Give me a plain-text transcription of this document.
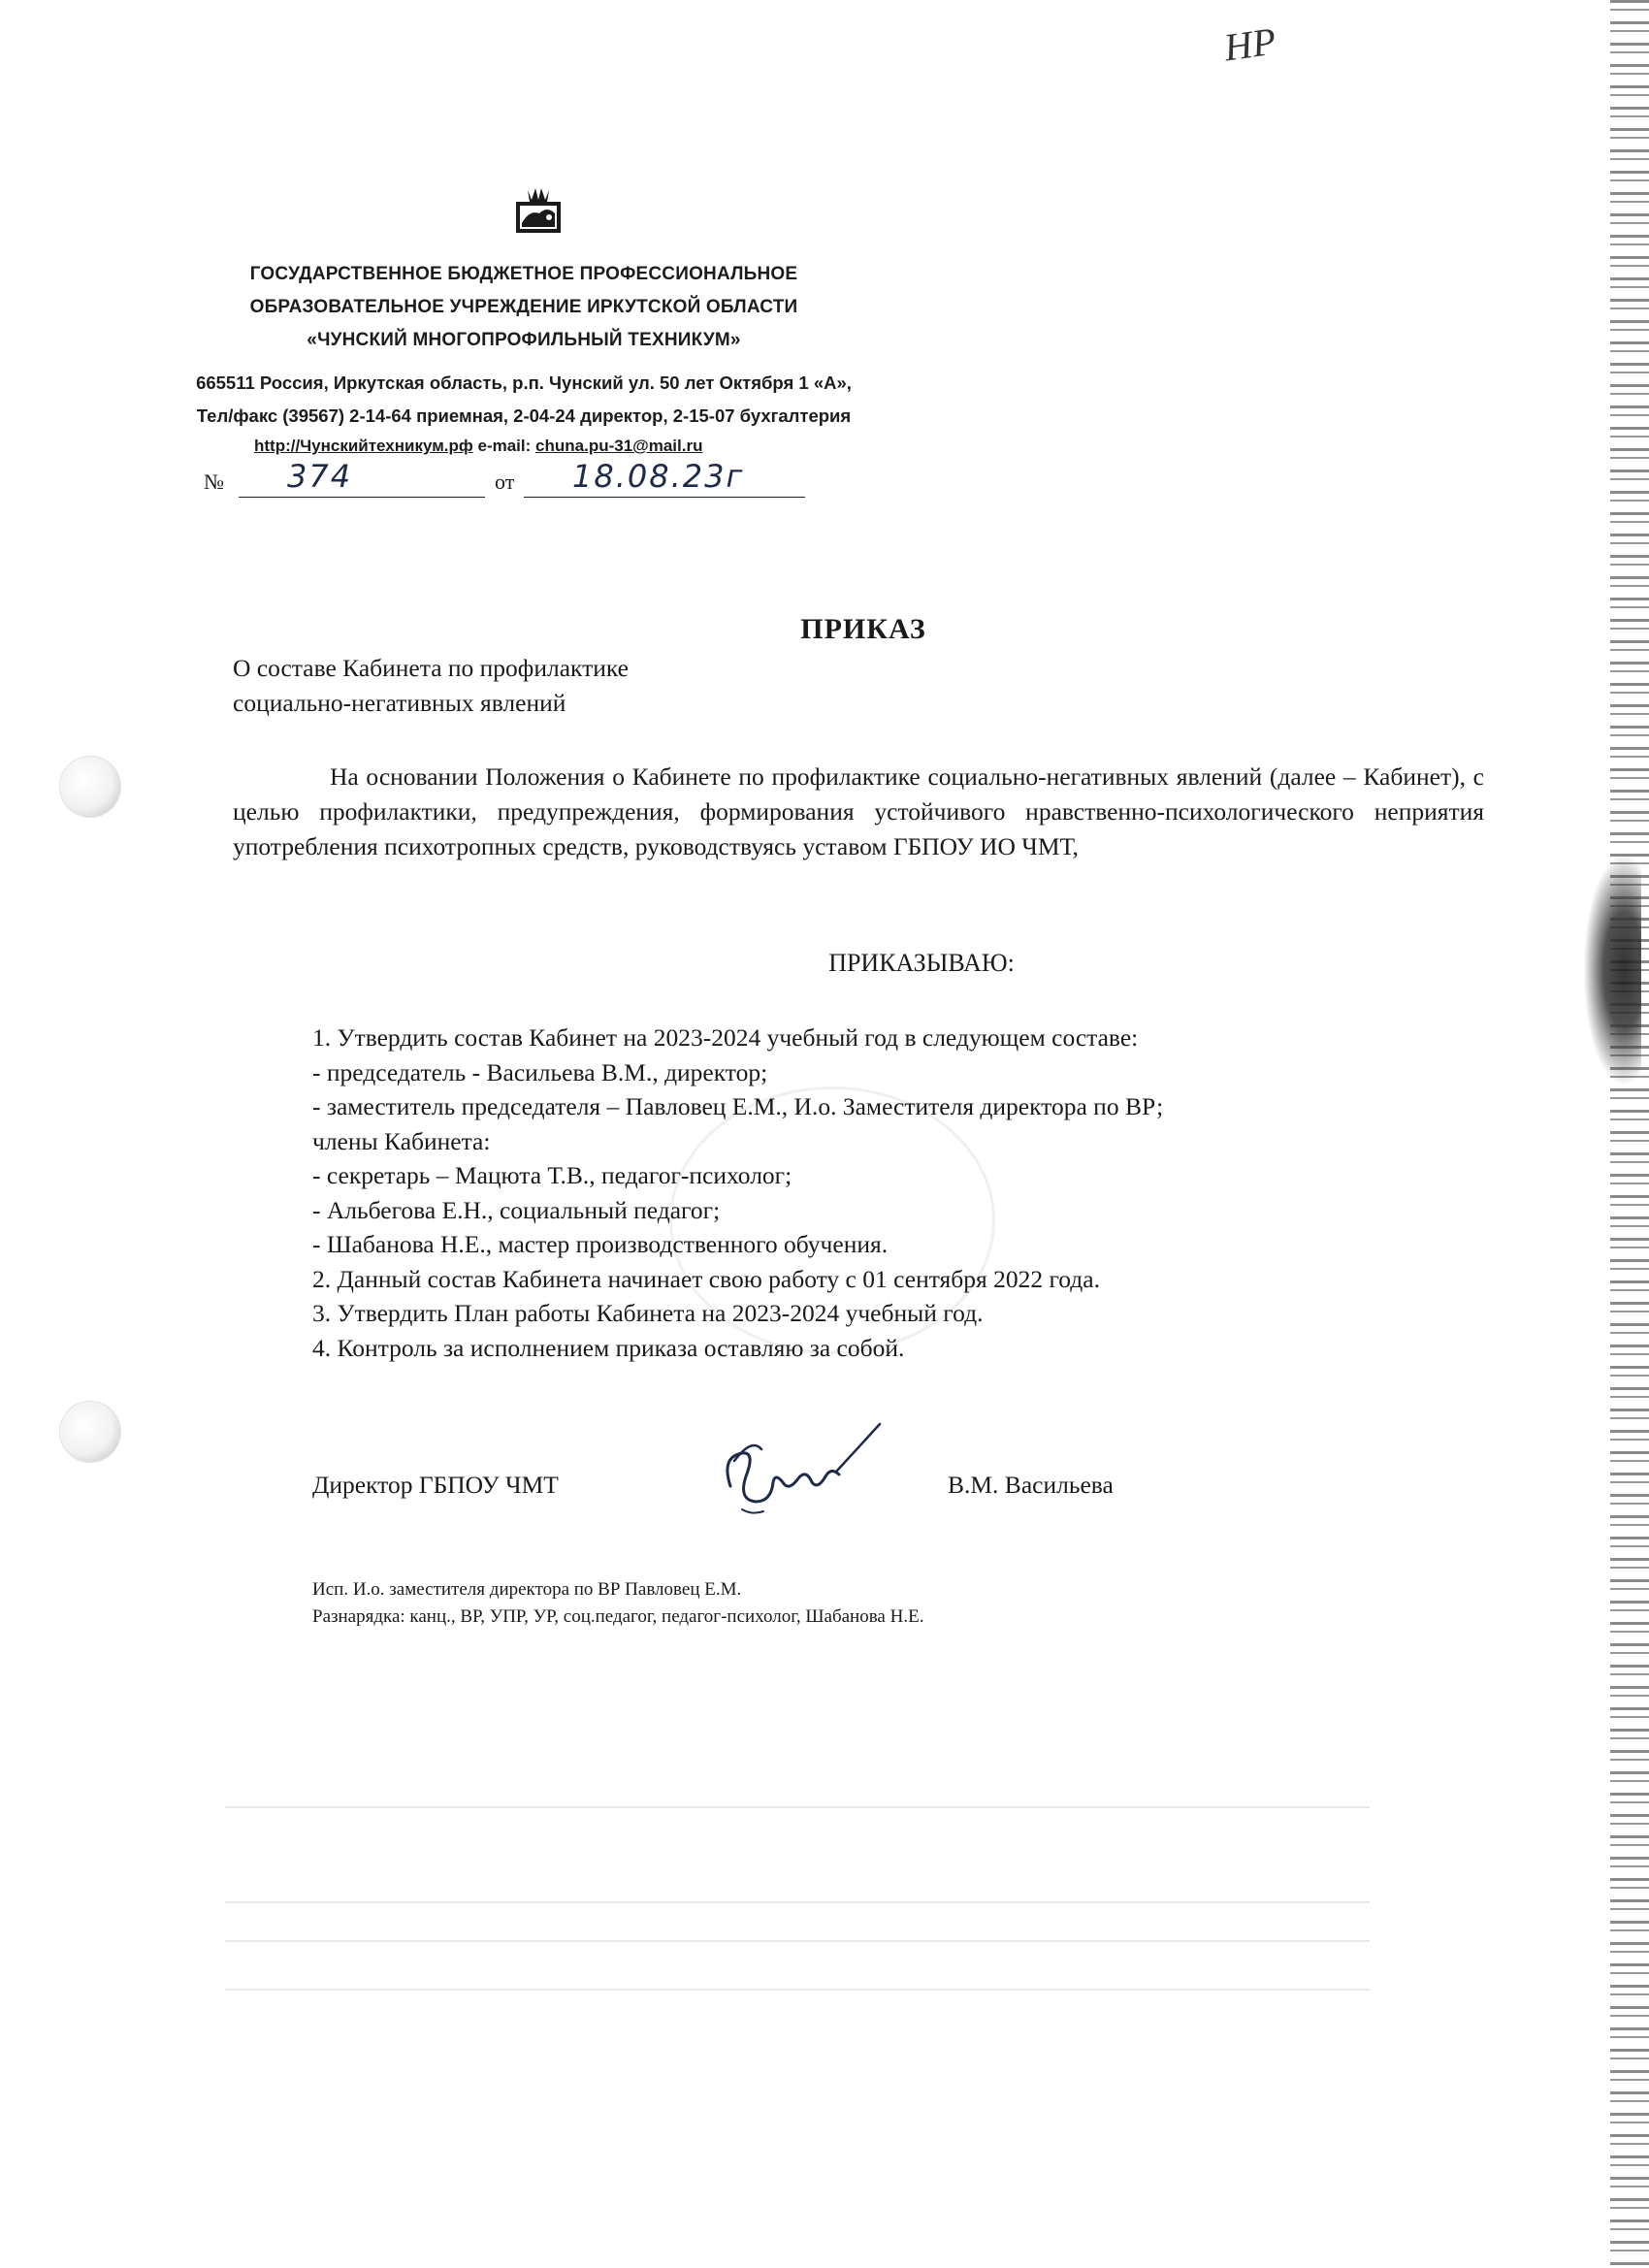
НР
ГОСУДАРСТВЕННОЕ БЮДЖЕТНОЕ ПРОФЕССИОНАЛЬНОЕ
ОБРАЗОВАТЕЛЬНОЕ УЧРЕЖДЕНИЕ ИРКУТСКОЙ ОБЛАСТИ
«ЧУНСКИЙ МНОГОПРОФИЛЬНЫЙ ТЕХНИКУМ»
665511 Россия, Иркутская область, р.п. Чунский ул. 50 лет Октября 1 «А»,
Тел/факс (39567) 2-14-64 приемная, 2-04-24 директор, 2-15-07 бухгалтерия
http://Чунскийтехникум.рф e-mail: chuna.pu-31@mail.ru
№ 374	от 18.08.23г
ПРИКАЗ
О составе Кабинета по профилактике
социально-негативных явлений

На основании Положения о Кабинете по профилактике социально-негативных явлений (далее – Кабинет), с целью профилактики, предупреждения, формирования устойчивого нравственно-психологического неприятия употребления психотропных средств, руководствуясь уставом ГБПОУ ИО ЧМТ,

ПРИКАЗЫВАЮ:
1. Утвердить состав Кабинет на 2023-2024 учебный год в следующем составе:
- председатель - Васильева В.М., директор;
- заместитель председателя – Павловец Е.М., И.о. Заместителя директора по ВР;
члены Кабинета:
- секретарь – Мацюта Т.В., педагог-психолог;
- Альбегова Е.Н., социальный педагог;
- Шабанова Н.Е., мастер производственного обучения.
2. Данный состав Кабинета начинает свою работу с 01 сентября 2022 года.
3. Утвердить План работы Кабинета на 2023-2024 учебный год.
4. Контроль за исполнением приказа оставляю за собой.
Директор ГБПОУ ЧМТ	В.М. Васильева
Исп. И.о. заместителя директора по ВР Павловец Е.М.
Разнарядка: канц., ВР, УПР, УР, соц.педагог, педагог-психолог, Шабанова Н.Е.
